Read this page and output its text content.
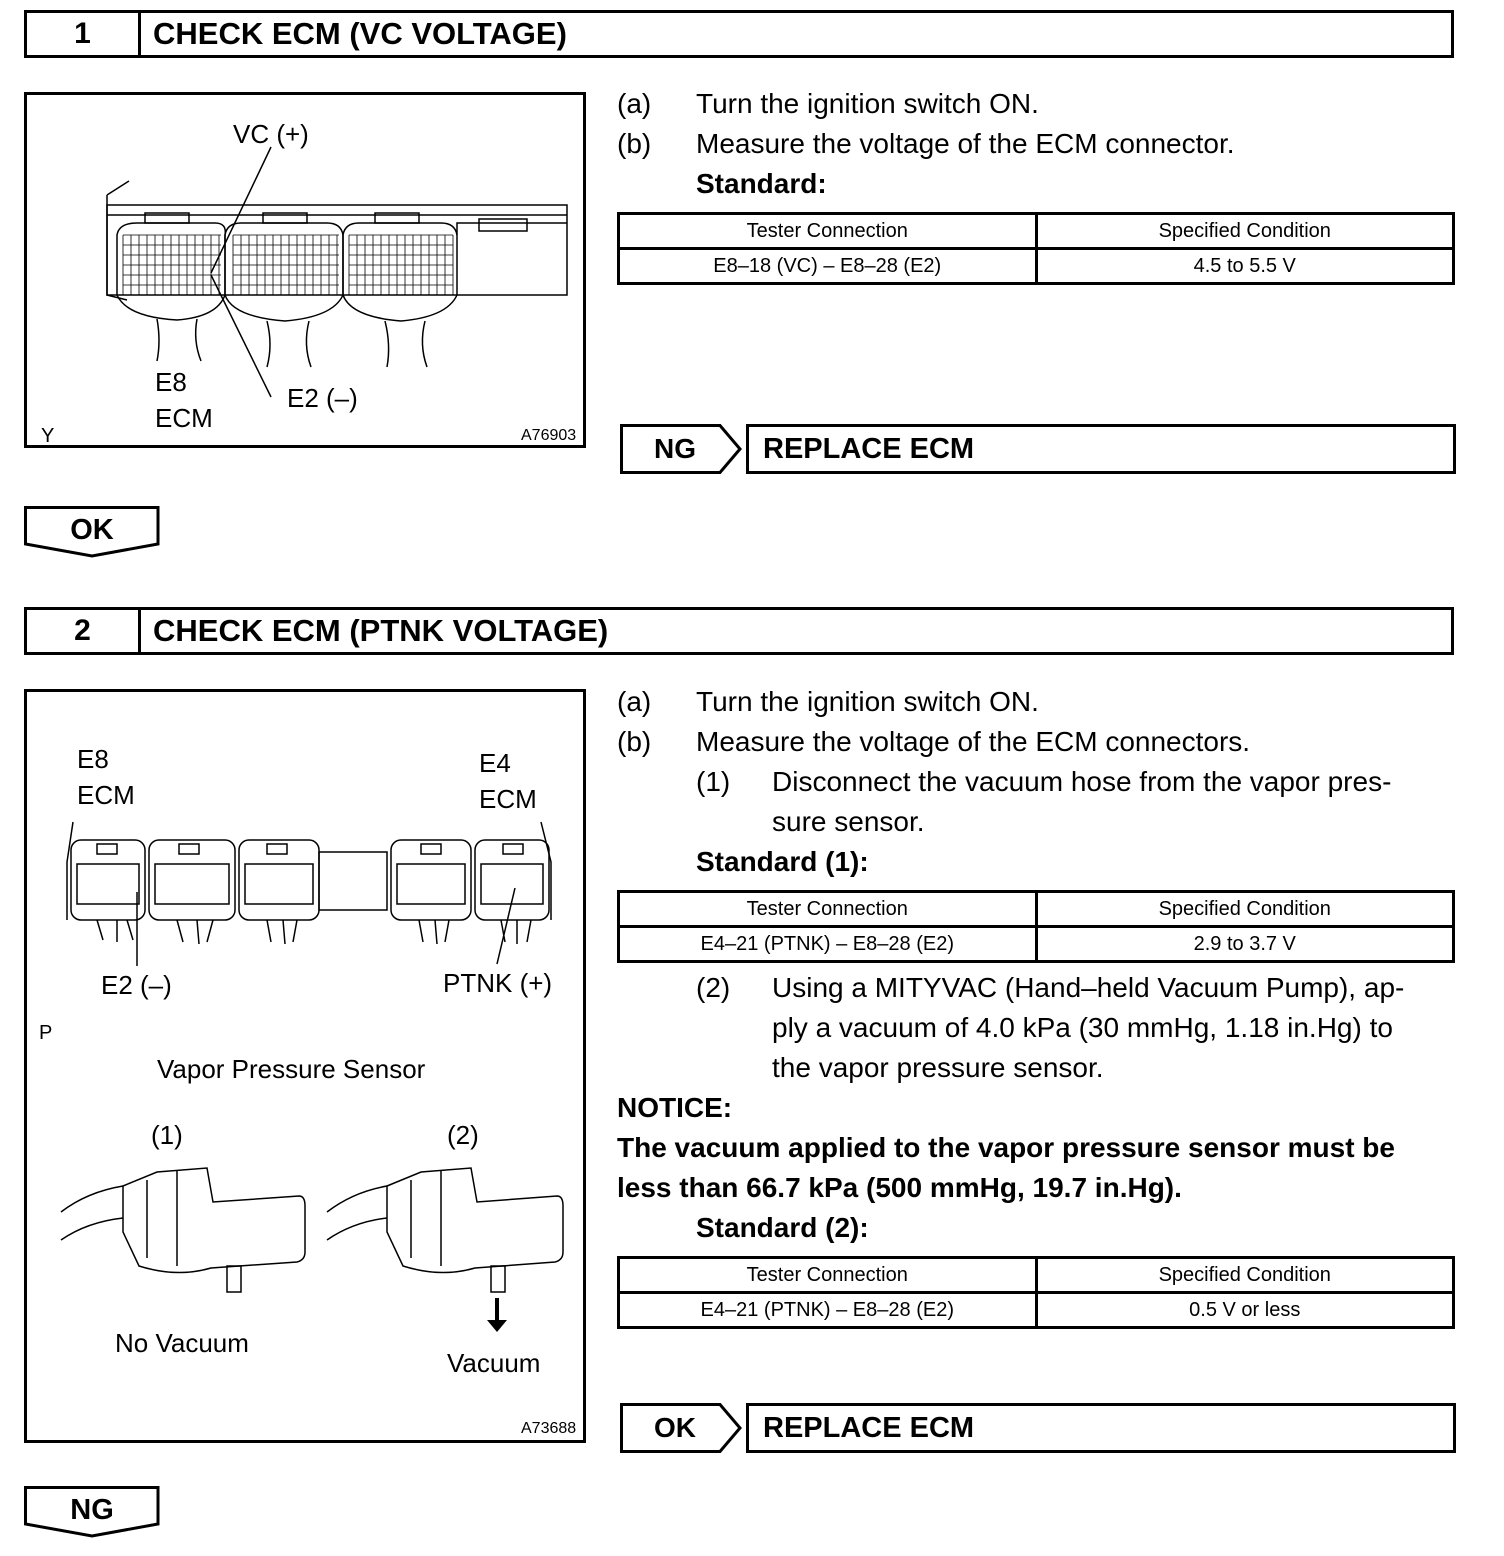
1	CHECK ECM (VC VOLTAGE)
VC (+)
E8
ECM
E2 (–)
Y	A76903
(a) Turn the ignition switch ON.
(b) Measure the voltage of the ECM connector.
Standard:
Tester Connection	Specified Condition
E8–18 (VC) – E8–28 (E2)	4.5 to 5.5 V
NG	REPLACE ECM
OK
2	CHECK ECM (PTNK VOLTAGE)
E8
ECM
E4
ECM
E2 (–)	PTNK (+)
P
Vapor Pressure Sensor
(1)	(2)
No Vacuum
Vacuum
A73688
(a) Turn the ignition switch ON.
(b) Measure the voltage of the ECM connectors.
(1) Disconnect the vacuum hose from the vapor pres-
sure sensor.
Standard (1):
Tester Connection	Specified Condition
E4–21 (PTNK) – E8–28 (E2)	2.9 to 3.7 V
(2) Using a MITYVAC (Hand–held Vacuum Pump), ap-
ply a vacuum of 4.0 kPa (30 mmHg, 1.18 in.Hg) to
the vapor pressure sensor.
NOTICE:
The vacuum applied to the vapor pressure sensor must be
less than 66.7 kPa (500 mmHg, 19.7 in.Hg).
Standard (2):
Tester Connection	Specified Condition
E4–21 (PTNK) – E8–28 (E2)	0.5 V or less
OK	REPLACE ECM
NG
